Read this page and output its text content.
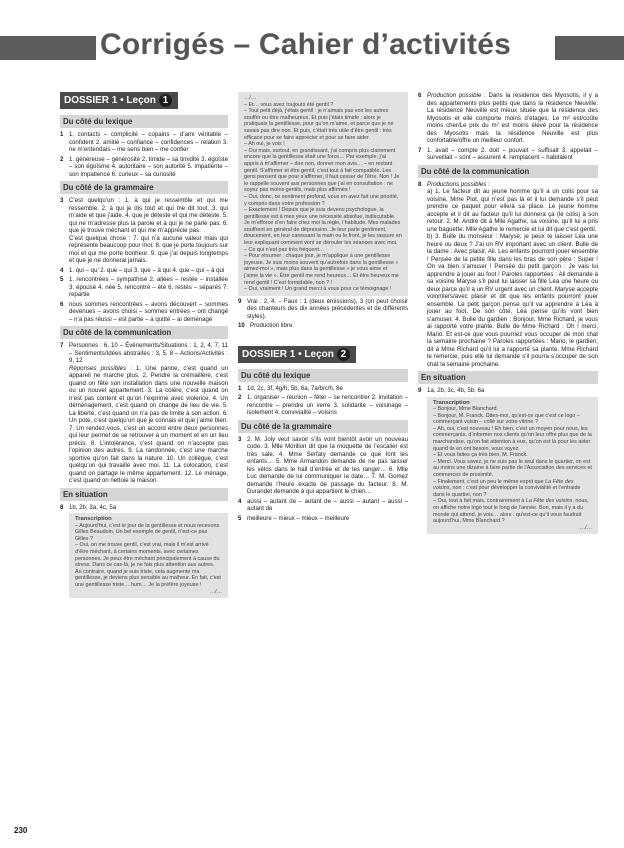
Corrigés – Cahier d’activités
DOSSIER 1 • Leçon 1
Du côté du lexique
1 1. contacts – complicité – copains – d’ami véritable – confident 2. amitié – confiance – confidences – relation 3. ne m’entendais – me sens bien – me confier
2 1. généreuse – générosité 2. timide – sa timidité 3. égoïste – son égoïsme 4. autoritaire – son autorité 5. impatiente – son impatience 6. curieux – sa curiosité
Du côté de la grammaire
3 C’est quelqu’un : 1. à qui je ressemble et qui me ressemble. 2. à qui je dis tout et qui me dit tout. 3. qui m’aide et que j’aide. 4. que je déteste et qui me déteste. 5. qui ne m’adresse plus la parole et à qui je ne parle pas. 6. que je trouve méchant et qui me m’apprécie pas.
C’est quelque chose : 7. qui n’a aucune valeur mais qui représente beaucoup pour moi. 8. que je porte toujours sur moi et qui me porte bonheur. 9. que j’ai depuis longtemps et que je ne donnerai jamais.
4 1. qui – qu’ 2. que – qui 3. que – à qui 4. que – qui – à qui
5 1. rencontrées – sympathisé 2. allées – restée – installée 3. épousé 4. née 5. rencontré – été 6. restés – séparés 7. repartie
6 nous sommes rencontrées – avons découvert – sommes devenues – avons choisi – sommes entrées – ont changé – n’a pas réussi – est partie – a quitté – ai déménagé
Du côté de la communication
7 Personnes : 6, 10 – Événements/Situations : 1, 2, 4, 7, 11 – Sentiments/Idées abstraites : 3, 5, 8 – Actions/Activités : 9, 12
Réponses possibles : 1. Une panne, c’est quand un appareil ne marche plus. 2. Pendre la crémaillère, c’est quand on fête son installation dans une nouvelle maison ou un nouvel appartement. 3. La colère, c’est quand on n’est pas content et qu’on l’exprime avec violence. 4. Un déménagement, c’est quand on change de lieu de vie. 5. La liberté, c’est quand on n’a pas de limite à son action. 6. Un pote, c’est quelqu’un que je connais et que j’aime bien. 7. Un rendez-vous, c’est un accord entre deux personnes qui leur permet de se retrouver à un moment et en un lieu précis. 8. L’intolérance, c’est quand on n’accepte pas l’opinion des autres. 9. La randonnée, c’est une marche sportive qu’on fait dans la nature. 10. Un collègue, c’est quelqu’un qui travaille avec moi. 11. La colocation, c’est quand on partage le même appartement. 12. Le ménage, c’est quand on nettoie la maison.
En situation
8 1b, 2b, 3a, 4c, 5a
Transcription
– Aujourd’hui, c’est le jour de la gentillesse et nous recevons Gilles Beaudoin. Un bel exemple de gentil, n’est-ce pas Gilles ?
– Oui, on me trouve gentil, c’est vrai, mais il m’est arrivé d’être méchant, à certains moments, avec certaines personnes. Je peux être méchant principalement à cause du stress. Dans ce cas-là, je ne fais plus attention aux autres. Au contraire, quand je suis triste, cela augmente ma gentillesse, je deviens plus sensible au malheur. En fait, c’est une gentillesse triste… hum… Je la préfère joyeuse !
…/…
…/…
– Et… vous avez toujours été gentil ?
– Tout petit déjà, j’étais gentil : je n’aimais pas voir les autres souffrir ou être malheureux. Et puis j’étais timide : alors je pratiquais la gentillesse, pour qu’on m’aime, et parce que je ne savais pas dire non. Et puis, c’était très utile d’être gentil : très efficace pour se faire apprécier et pour se faire aider.
– Ah oui, je vois !
– Oui mais, surtout, en grandissant, j’ai compris plus clairement encore que la gentillesse était une force… Par exemple, j’ai appris à m’affirmer – dire non, donner mon avis… – en restant gentil. S’affirmer et être gentil, c’est tout à fait compatible. Les gens pensent que pour s’affirmer, il faut cesser de l’être. Non ! Je le rappelle souvent aux personnes que j’ai en consultation : ne soyez pas moins gentils, mais plus affirmés !
– Oui, donc, ce sentiment profond, vous en avez fait une priorité, y compris dans votre profession ?
– Exactement ! Depuis que je suis devenu psychologue, la gentillesse est à mes yeux une nécessité absolue, indiscutable. Je m’efforce d’en faire chez moi la règle, l’habitude. Mes malades souffrent en général de dépression. Je leur parle gentiment, doucement, en leur caressant la main ou le front, je les rassure en leur expliquant comment vont se dérouler les séances avec moi.
– Ce qui n’est pas très fréquent…
– Pour résumer : chaque jour, je m’applique à une gentillesse joyeuse. Je suis moins souvent qu’autrefois dans la gentillesse « aimez-moi », mais plus dans la gentillesse « je vous aime et j’aime la vie ». Être gentil me rend heureux… Et être heureux me rend gentil ! C’est formidable, non ? !
– Oui, vraiment ! Un grand merci à vous pour ce témoignage !
9 Vrai : 2, 4. – Faux : 1 (deux émissions), 3 (on peut choisir des chanteurs des dix années précédentes et de différents styles).
10 Production libre.
DOSSIER 1 • Leçon 2
Du côté du lexique
1 1d, 2c, 3f, 4g/h, 5b, 6a, 7a/b/c/h, 8e
2 1. organiser – réunion – fêter – se rencontrer 2. invitation – rencontre – prendre un verre 3. solidarité – voisinage – isolement 4. convivialité – voisins
Du côté de la grammaire
3 2. M. Joly veut savoir s’ils vont bientôt avoir un nouveau code. 3. Mlle Morillon dit que la moquette de l’escalier est très sale. 4. Mme Serfaty demande ce que font les enfants… 5. Mme Armandon demande de ne pas laisser les vélos dans le hall d’entrée et de les ranger… 6. Mlle Luc demande de lui communiquer la date… 7. M. Gomez demande l’heure exacte de passage du facteur. 8. M. Durandet demande à qui appartient le chien…
4 aussi – autant de – autant de – aussi – autant – aussi – autant de
5 meilleure – mieux – mieux – meilleure
6 Production possible : Dans la résidence des Myosotis, il y a des appartements plus petits que dans la résidence Neuville. La résidence Neuville est mieux située que la résidence des Myosotis et elle comporte moins d’étages. Le m² est/coûte moins cher/Le prix du m² est moins élevé pour la résidence des Myosotis mais la résidence Neuville est plus confortable/offre un meilleur confort.
7 1. avait – compte 2. doit – pouvait – suffisait 3. appelait – surveillait – sont – assurent 4. remplacent – habitaient
Du côté de la communication
8 Productions possibles :
a) 1. Le facteur dit au jeune homme qu’il a un colis pour sa voisine, Mme Piot, qui n’est pas là et il lui demande s’il peut prendre ce paquet pour elle/à sa place. Le jeune homme accepte et il dit au facteur qu’il lui donnera ça (le colis) à son retour. 2. M. André dit à Mlle Agathe, sa voisine, qu’il lui a pris une baguette. Mlle Agathe le remercie et lui dit que c’est gentil.
b) 3. Bulle du monsieur : Maryse, je peux te laisser Léa une heure ou deux ? J’ai un RV important avec un client. Bulle de la dame : Avec plaisir, Ali. Les enfants pourront jouer ensemble ! Pensée de la petite fille dans les bras de son père : Super ! On va bien s’amuser ! Pensée du petit garçon : Je vais lui apprendre à jouer au foot ! Paroles rapportées : Ali demande à sa voisine Maryse s’il peut lui laisser sa fille Léa une heure ou deux parce qu’il a un RV urgent avec un client. Maryse accepte volontiers/avec plaisir et dit que les enfants pourront jouer ensemble. Le petit garçon pense qu’il va apprendre à Léa à jouer au foot. De son côté, Léa pense qu’ils vont bien s’amuser. 4. Bulle du gardien : Bonjour, Mme Richard, je vous ai rapporté votre plante. Bulle de Mme Richard : Oh ! merci, Mario. Et est-ce que vous pourriez vous occuper de mon chat la semaine prochaine ? Paroles rapportées : Mario, le gardien, dit à Mme Richard qu’il lui a rapporté sa plante. Mme Richard le remercie, puis elle lui demande s’il pourra s’occuper de son chat la semaine prochaine.
En situation
9 1a, 2b, 3c, 4b, 5b, 6a
Transcription
– Bonjour, Mme Blanchard.
– Bonjour, M. Franck. Dites-moi, qu’est-ce que c’est ce logo – commerçant voisin – collé sur votre vitrine ?
– Ah, oui, c’est nouveau ! Eh bien, c’est un moyen pour nous, les commerçants, d’informer nos clients qu’on leur offre plus que de la marchandise, qu’on fait attention à eux, qu’on est là pour les aider quand ils en ont besoin, vous voyez.
– Et vous faites ça très bien, M. Franck.
– Merci. Vous savez, je ne suis pas le seul dans le quartier, on est au moins une dizaine à faire partie de l’Association des services et commerces de proximité.
– Finalement, c’est un peu le même esprit que La Fête des voisins, non : c’est pour développer la convivialité et l’entraide dans le quartier, non ?
– Oui, tout à fait mais, contrairement à La Fête des voisins, nous, on affiche notre logo tout le long de l’année. Bon, mais il y a du monde qui attend, je vois… alors : qu’est-ce qu’il vous faudrait aujourd’hui, Mme Blanchard ?
…/…
230
